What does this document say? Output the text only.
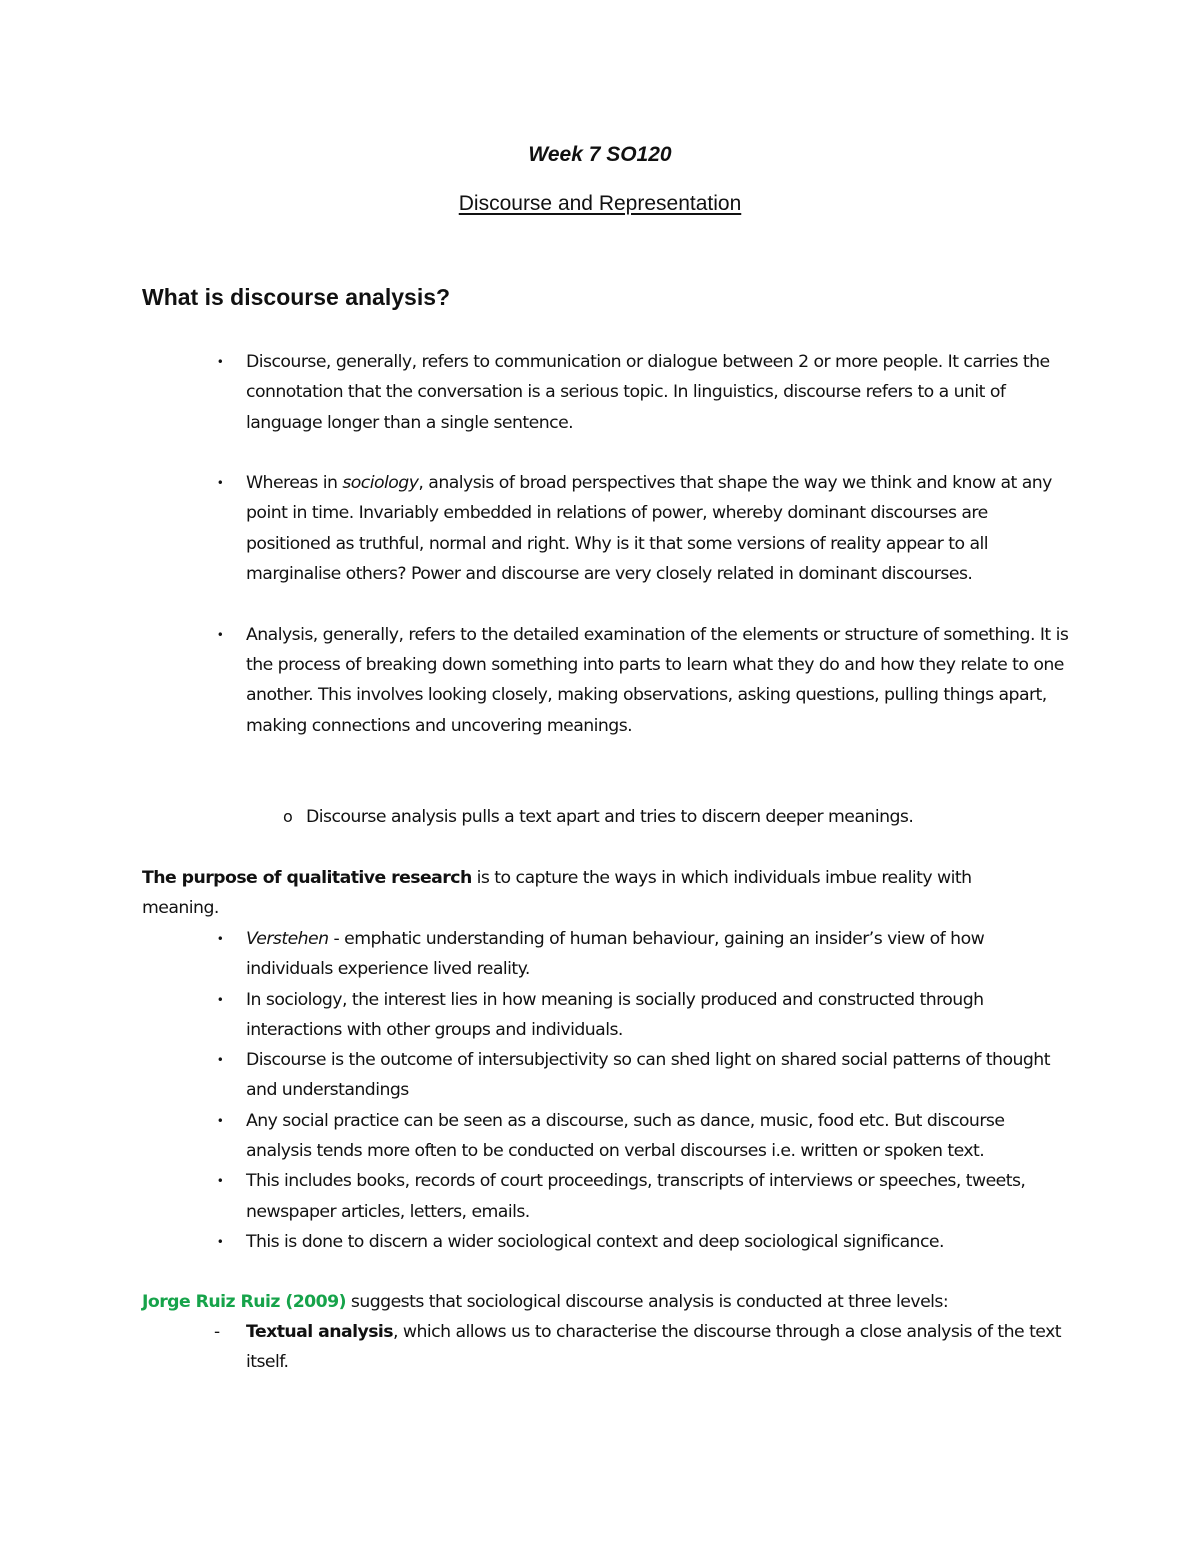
Week 7 SO120
Discourse and Representation
What is discourse analysis?
• Discourse, generally, refers to communication or dialogue between 2 or more people. It carries the connotation that the conversation is a serious topic. In linguistics, discourse refers to a unit of language longer than a single sentence.
• Whereas in sociology, analysis of broad perspectives that shape the way we think and know at any point in time. Invariably embedded in relations of power, whereby dominant discourses are positioned as truthful, normal and right. Why is it that some versions of reality appear to all marginalise others? Power and discourse are very closely related in dominant discourses.
• Analysis, generally, refers to the detailed examination of the elements or structure of something. It is the process of breaking down something into parts to learn what they do and how they relate to one another. This involves looking closely, making observations, asking questions, pulling things apart, making connections and uncovering meanings.
o Discourse analysis pulls a text apart and tries to discern deeper meanings.

The purpose of qualitative research is to capture the ways in which individuals imbue reality with meaning.

• Verstehen - emphatic understanding of human behaviour, gaining an insider’s view of how individuals experience lived reality.
• In sociology, the interest lies in how meaning is socially produced and constructed through interactions with other groups and individuals.
• Discourse is the outcome of intersubjectivity so can shed light on shared social patterns of thought and understandings
• Any social practice can be seen as a discourse, such as dance, music, food etc. But discourse analysis tends more often to be conducted on verbal discourses i.e. written or spoken text.
• This includes books, records of court proceedings, transcripts of interviews or speeches, tweets, newspaper articles, letters, emails.
• This is done to discern a wider sociological context and deep sociological significance.

Jorge Ruiz Ruiz (2009) suggests that sociological discourse analysis is conducted at three levels:

- Textual analysis, which allows us to characterise the discourse through a close analysis of the text itself.
